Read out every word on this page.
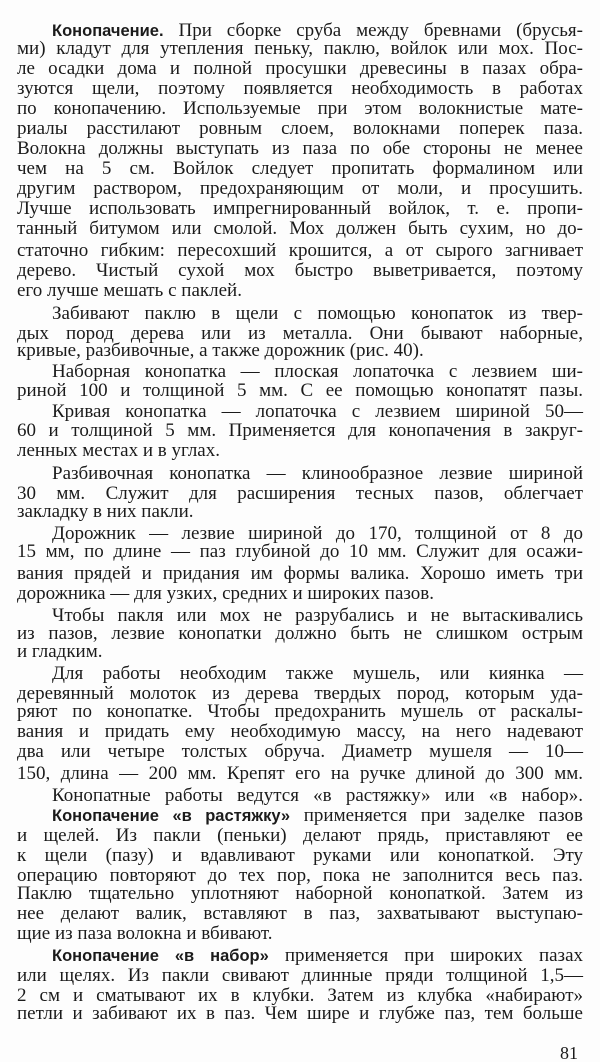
Конопачение. При сборке сруба между бревнами (брусья-
ми) кладут для утепления пеньку, паклю, войлок или мох. Пос-
ле осадки дома и полной просушки древесины в пазах обра-
зуются щели, поэтому появляется необходимость в работах
по конопачению. Используемые при этом волокнистые мате-
риалы расстилают ровным слоем, волокнами поперек паза.
Волокна должны выступать из паза по обе стороны не менее
чем на 5 см. Войлок следует пропитать формалином или
другим раствором, предохраняющим от моли, и просушить.
Лучше использовать импрегнированный войлок, т. е. пропи-
танный битумом или смолой. Мох должен быть сухим, но до-
статочно гибким: пересохший крошится, а от сырого загнивает
дерево. Чистый сухой мох быстро выветривается, поэтому
его лучше мешать с паклей.
Забивают паклю в щели с помощью конопаток из твер-
дых пород дерева или из металла. Они бывают наборные,
кривые, разбивочные, а также дорожник (рис. 40).
Наборная конопатка — плоская лопаточка с лезвием ши-
риной 100 и толщиной 5 мм. С ее помощью конопатят пазы.
Кривая конопатка — лопаточка с лезвием шириной 50—
60 и толщиной 5 мм. Применяется для конопачения в закруг-
ленных местах и в углах.
Разбивочная конопатка — клинообразное лезвие шириной
30 мм. Служит для расширения тесных пазов, облегчает
закладку в них пакли.
Дорожник — лезвие шириной до 170, толщиной от 8 до
15 мм, по длине — паз глубиной до 10 мм. Служит для осажи-
вания прядей и придания им формы валика. Хорошо иметь три
дорожника — для узких, средних и широких пазов.
Чтобы пакля или мох не разрубались и не вытаскивались
из пазов, лезвие конопатки должно быть не слишком острым
и гладким.
Для работы необходим также мушель, или киянка —
деревянный молоток из дерева твердых пород, которым уда-
ряют по конопатке. Чтобы предохранить мушель от раскалы-
вания и придать ему необходимую массу, на него надевают
два или четыре толстых обруча. Диаметр мушеля — 10—
150, длина — 200 мм. Крепят его на ручке длиной до 300 мм.
Конопатные работы ведутся «в растяжку» или «в набор».
Конопачение «в растяжку» применяется при заделке пазов
и щелей. Из пакли (пеньки) делают прядь, приставляют ее
к щели (пазу) и вдавливают руками или конопаткой. Эту
операцию повторяют до тех пор, пока не заполнится весь паз.
Паклю тщательно уплотняют наборной конопаткой. Затем из
нее делают валик, вставляют в паз, захватывают выступаю-
щие из паза волокна и вбивают.
Конопачение «в набор» применяется при широких пазах
или щелях. Из пакли свивают длинные пряди толщиной 1,5—
2 см и сматывают их в клубки. Затем из клубка «набирают»
петли и забивают их в паз. Чем шире и глубже паз, тем больше
81
